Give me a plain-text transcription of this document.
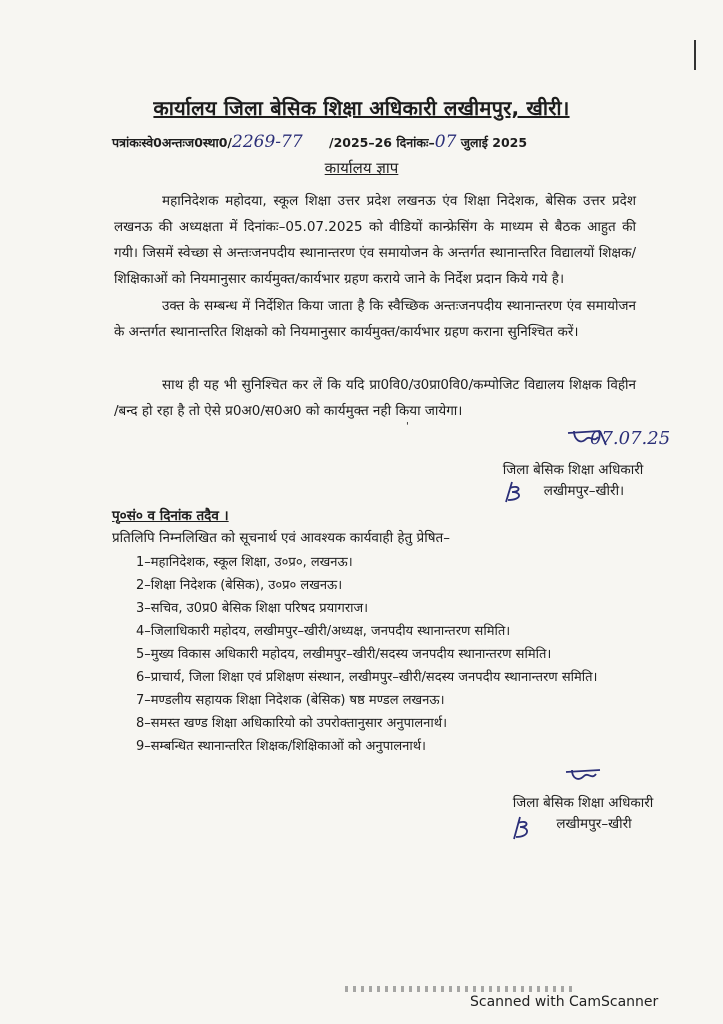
कार्यालय जिला बेसिक शिक्षा अधिकारी लखीमपुर, खीरी।
पत्रांकःस्वे0अन्तःज0स्था0/2269-77 /2025–26 दिनांकः–07 जुलाई 2025
कार्यालय ज्ञाप
महानिदेशक महोदया, स्कूल शिक्षा उत्तर प्रदेश लखनऊ एंव शिक्षा निदेशक, बेसिक उत्तर प्रदेश लखनऊ की अध्यक्षता में दिनांकः–05.07.2025 को वीडियों कान्फ्रेसिंग के माध्यम से बैठक आहुत की गयी। जिसमें स्वेच्छा से अन्तःजनपदीय स्थानान्तरण एंव समायोजन के अन्तर्गत स्थानान्तरित विद्यालयों शिक्षक/शिक्षिकाओं को नियमानुसार कार्यमुक्त/कार्यभार ग्रहण कराये जाने के निर्देश प्रदान किये गये है।
उक्त के सम्बन्ध में निर्देशित किया जाता है कि स्वैच्छिक अन्तःजनपदीय स्थानान्तरण एंव समायोजन के अन्तर्गत स्थानान्तरित शिक्षको को नियमानुसार कार्यमुक्त/कार्यभार ग्रहण कराना सुनिश्चित करें।
साथ ही यह भी सुनिश्चित कर लें कि यदि प्रा0वि0/उ0प्रा0वि0/कम्पोजिट विद्यालय शिक्षक विहीन /बन्द हो रहा है तो ऐसे प्र0अ0/स0अ0 को कार्यमुक्त नही किया जायेगा।
07.07.25
जिला बेसिक शिक्षा अधिकारी
लखीमपुर–खीरी।
'
पृ०सं० व दिनांक तदैव ।
प्रतिलिपि निम्नलिखित को सूचनार्थ एवं आवश्यक कार्यवाही हेतु प्रेषित–
1–महानिदेशक, स्कूल शिक्षा, उ०प्र०, लखनऊ।
2–शिक्षा निदेशक (बेसिक), उ०प्र० लखनऊ।
3–सचिव, उ0प्र0 बेसिक शिक्षा परिषद प्रयागराज।
4–जिलाधिकारी महोदय, लखीमपुर–खीरी/अध्यक्ष, जनपदीय स्थानान्तरण समिति।
5–मुख्य विकास अधिकारी महोदय, लखीमपुर–खीरी/सदस्य जनपदीय स्थानान्तरण समिति।
6–प्राचार्य, जिला शिक्षा एवं प्रशिक्षण संस्थान, लखीमपुर–खीरी/सदस्य जनपदीय स्थानान्तरण समिति।
7–मण्डलीय सहायक शिक्षा निदेशक (बेसिक) षष्ठ मण्डल लखनऊ।
8–समस्त खण्ड शिक्षा अधिकारियो को उपरोक्तानुसार अनुपालनार्थ।
9–सम्बन्धित स्थानान्तरित शिक्षक/शिक्षिकाओं को अनुपालनार्थ।
जिला बेसिक शिक्षा अधिकारी
लखीमपुर–खीरी
Scanned with CamScanner
